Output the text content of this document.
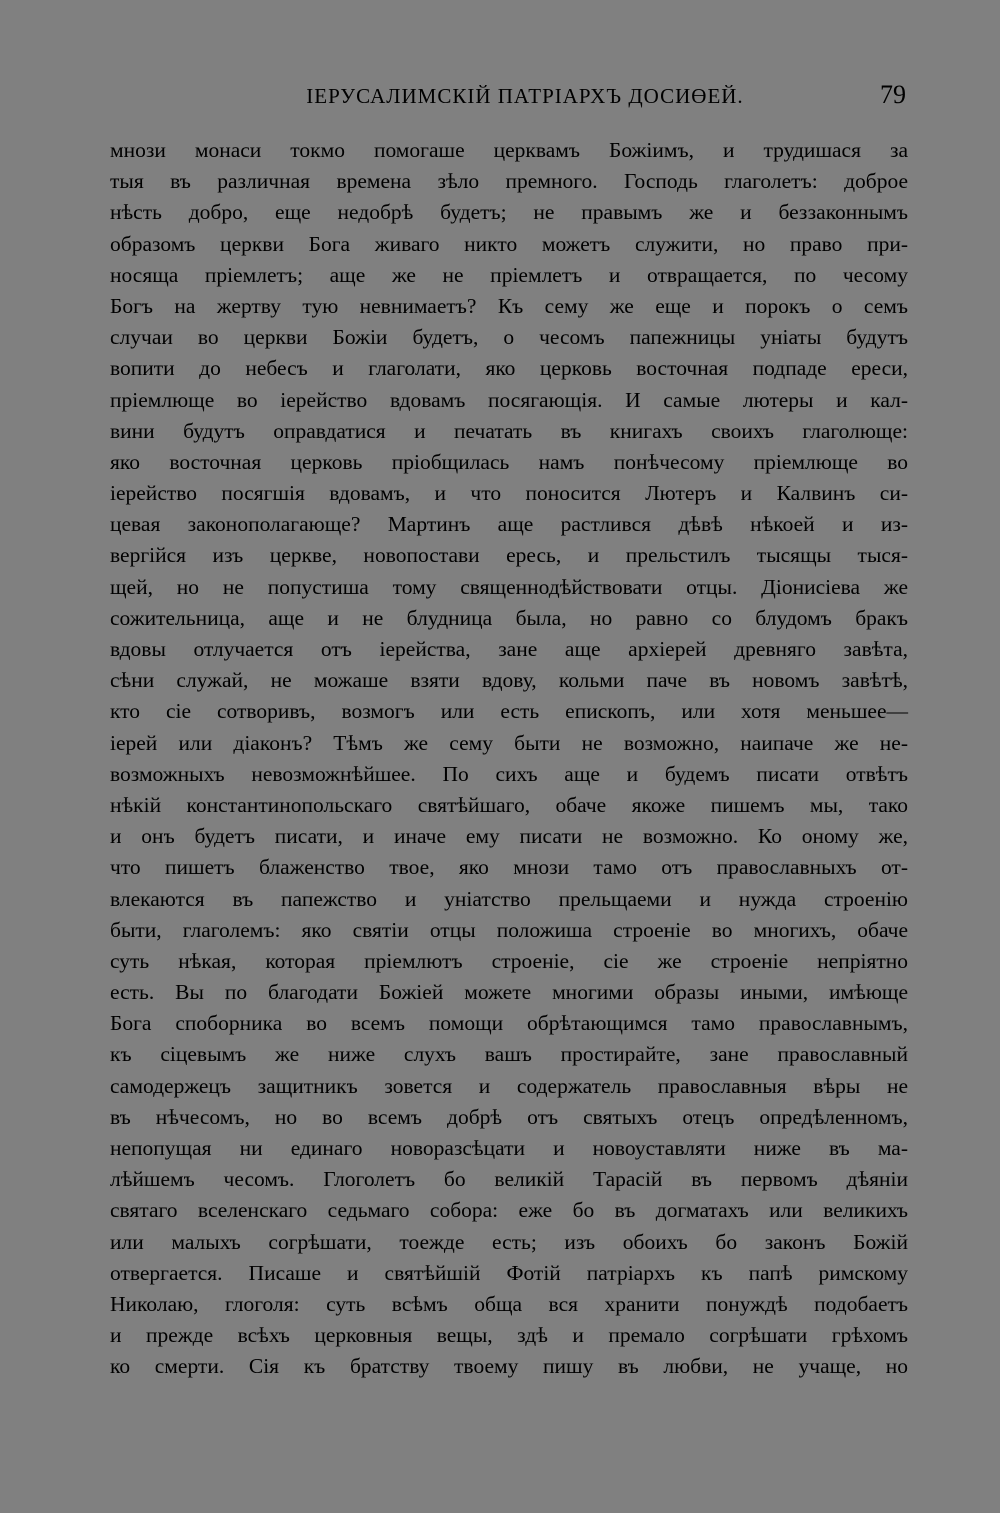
ІЕРУСАЛИМСКІЙ ПАТРІАРХЪ ДОСИӨЕЙ.	79
мнози монаси токмо помогаше церквамъ Божіимъ, и трудишася за
тыя въ различная времена зѣло премного. Господь глаголетъ: доброе
нѣсть добро, еще недобрѣ будетъ; не правымъ же и беззаконнымъ
образомъ церкви Бога живаго никто можетъ служити, но право при-
носяща пріемлетъ; аще же не пріемлетъ и отвращается, по чесому
Богъ на жертву тую невнимаетъ? Къ сему же еще и порокъ о семъ
случаи во церкви Божіи будетъ, о чесомъ папежницы уніаты будутъ
вопити до небесъ и глаголати, яко церковь восточная подпаде ереси,
пріемлюще во іерейство вдовамъ посягающія. И самые лютеры и кал-
вини будутъ оправдатися и печатать въ книгахъ своихъ глаголюще:
яко восточная церковь пріобщилась намъ понѣчесому пріемлюще во
іерейство посягшія вдовамъ, и что поносится Лютеръ и Калвинъ си-
цевая законополагающе? Мартинъ аще растлився дѣвѣ нѣкоей и из-
вергійся изъ церкве, новопостави ересь, и прельстилъ тысящы тыся-
щей, но не попустиша тому священнодѣйствовати отцы. Діонисіева же
сожительница, аще и не блудница была, но равно со блудомъ бракъ
вдовы отлучается отъ іерейства, зане аще архіерей древняго завѣта,
сѣни служай, не можаше взяти вдову, кольми паче въ новомъ завѣтѣ,
кто сіе сотворивъ, возмогъ или есть епископъ, или хотя меньшее—
іерей или діаконъ? Тѣмъ же сему быти не возможно, наипаче же не-
возможныхъ невозможнѣйшее. По сихъ аще и будемъ писати отвѣтъ
нѣкій константинопольскаго святѣйшаго, обаче якоже пишемъ мы, тако
и онъ будетъ писати, и иначе ему писати не возможно. Ко оному же,
что пишетъ блаженство твое, яко мнози тамо отъ православныхъ от-
влекаются въ папежство и уніатство прельщаеми и нужда строенію
быти, глаголемъ: яко святіи отцы положиша строеніе во многихъ, обаче
суть нѣкая, которая пріемлютъ строеніе, сіе же строеніе непріятно
есть. Вы по благодати Божіей можете многими образы иными, имѣюще
Бога споборника во всемъ помощи обрѣтающимся тамо православнымъ,
къ сіцевымъ же ниже слухъ вашъ простирайте, зане православный
самодержецъ защитникъ зовется и содержатель православныя вѣры не
въ нѣчесомъ, но во всемъ добрѣ отъ святыхъ отецъ опредѣленномъ,
непопущая ни единаго новоразсѣцати и новоуставляти ниже въ ма-
лѣйшемъ чесомъ. Глоголетъ бо великій Тарасій въ первомъ дѣяніи
святаго вселенскаго седьмаго собора: еже бо въ догматахъ или великихъ
или малыхъ согрѣшати, тоежде есть; изъ обоихъ бо законъ Божій
отвергается. Писаше и святѣйшій Фотій патріархъ къ папѣ римскому
Николаю, глоголя: суть всѣмъ обща вся хранити понуждѣ подобаетъ
и прежде всѣхъ церковныя вещы, здѣ и премало согрѣшати грѣхомъ
ко смерти. Сія къ братству твоему пишу въ любви, не учаще, но
